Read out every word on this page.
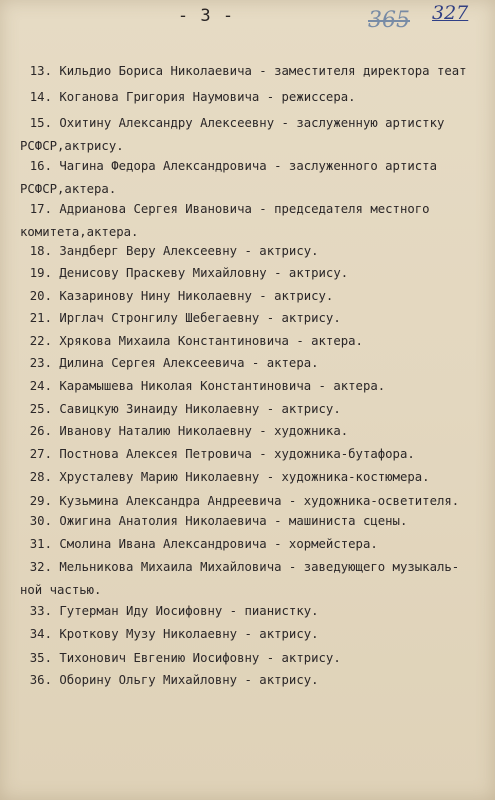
- 3 -	365 327
13. Кильдио Бориса Николаевича - заместителя директора теат
14. Коганова Григория Наумовича - режиссера.
15. Охитину Александру Алексеевну - заслуженную артистку
РСФСР,актрису.
16. Чагина Федора Александровича - заслуженного артиста
РСФСР,актера.
17. Адрианова Сергея Ивановича - председателя местного
комитета,актера.
18. Зандберг Веру Алексеевну - актрису.
19. Денисову Праскеву Михайловну - актрису.
20. Казаринову Нину Николаевну - актрису.
21. Ирглач Стронгилу Шебегаевну - актрису.
22. Хрякова Михаила Константиновича - актера.
23. Дилина Сергея Алексеевича - актера.
24. Карамышева Николая Константиновича - актера.
25. Савицкую Зинаиду Николаевну - актрису.
26. Иванову Наталию Николаевну - художника.
27. Постнова Алексея Петровича - художника-бутафора.
28. Хрусталеву Марию Николаевну - художника-костюмера.
29. Кузьмина Александра Андреевича - художника-осветителя.
30. Ожигина Анатолия Николаевича - машиниста сцены.
31. Смолина Ивана Александровича - хормейстера.
32. Мельникова Михаила Михайловича - заведующего музыкаль-
ной частью.
33. Гутерман Иду Иосифовну - пианистку.
34. Кроткову Музу Николаевну - актрису.
35. Тихонович Евгению Иосифовну - актрису.
36. Оборину Ольгу Михайловну - актрису.
